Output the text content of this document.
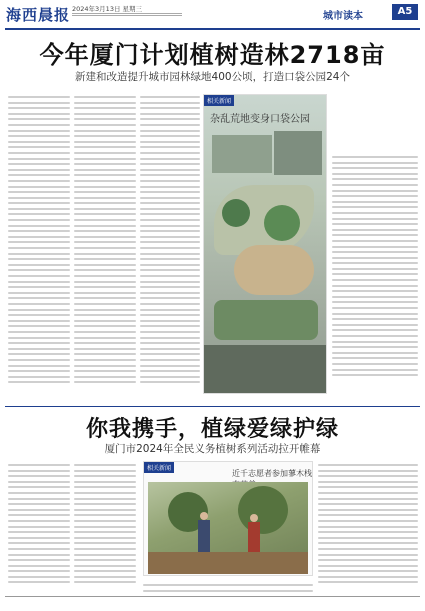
海西晨报 2024年3月13日 星期三
城市读本	A5
今年厦门计划植树造林2718亩
新建和改造提升城市园林绿地400公顷，打造口袋公园24个
相关新闻
杂乱荒地变身口袋公园
你我携手，植绿爱绿护绿
厦门市2024年全民义务植树系列活动拉开帷幕
相关新闻
近千志愿者参加蓼木栈
